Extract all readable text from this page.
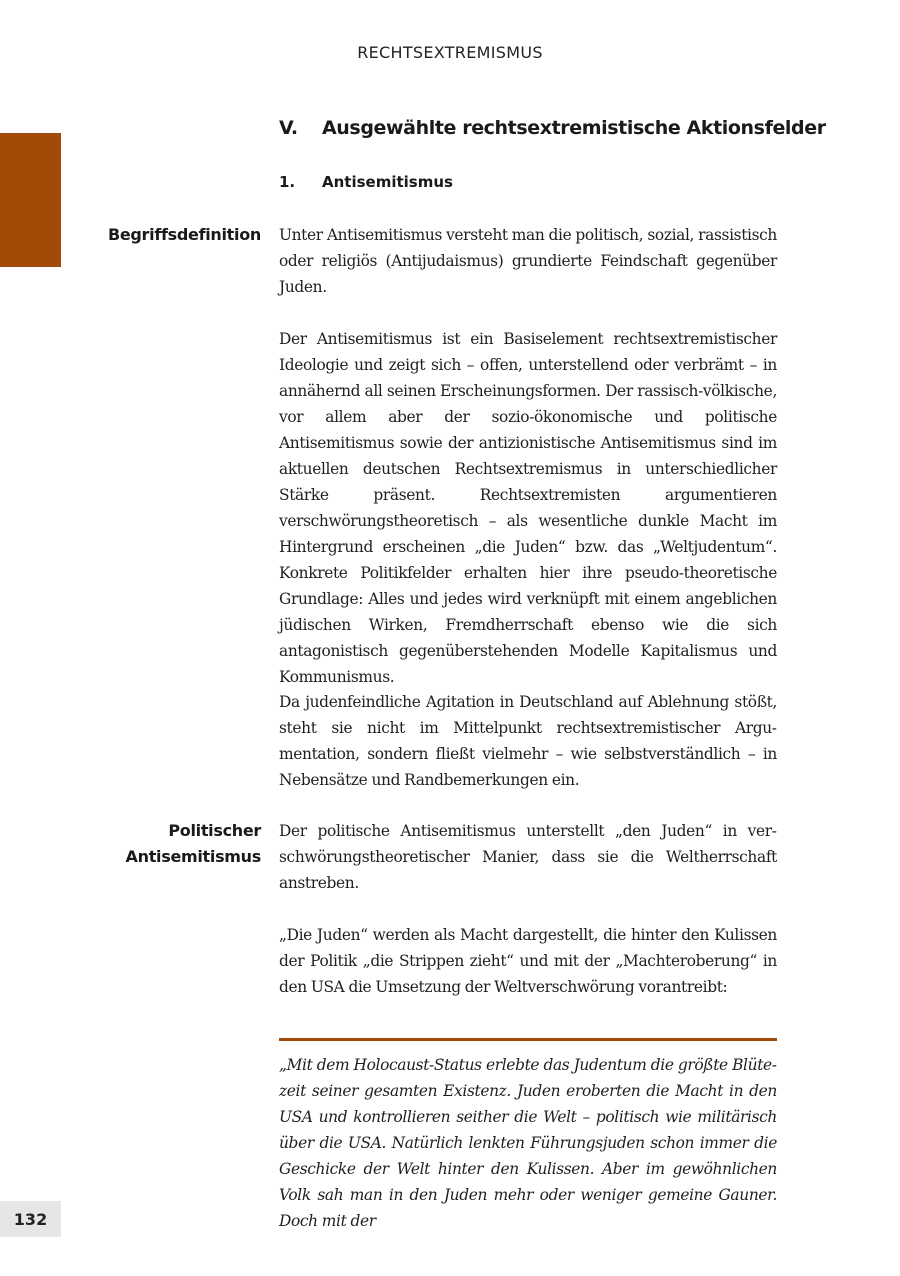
RECHTSEXTREMISMUS
V. Ausgewählte rechtsextremistische Aktionsfelder
1. Antisemitismus
Begriffsdefinition Unter Antisemitismus versteht man die politisch, sozial, rassistisch oder religiös (Antijudaismus) grundierte Feindschaft gegenüber Juden.

Der Antisemitismus ist ein Basiselement rechtsextremistischer Ideologie und zeigt sich – offen, unterstellend oder verbrämt – in annähernd all seinen Erscheinungsformen. Der rassisch-völkische, vor allem aber der sozio-ökonomische und politische Antisemitismus sowie der antizionistische Antisemitismus sind im aktuellen deutschen Rechtsextremismus in unterschiedlicher Stärke präsent. Rechtsextremisten argumentieren verschwörungstheoretisch – als wesentliche dunkle Macht im Hintergrund erscheinen „die Juden“ bzw. das „Weltjudentum“. Konkrete Politikfelder erhalten hier ihre pseudo-theoretische Grundlage: Alles und jedes wird verknüpft mit einem angeblichen jüdischen Wirken, Fremdherrschaft ebenso wie die sich antagonistisch gegenüberstehenden Modelle Kapitalismus und Kommunismus.

Da judenfeindliche Agitation in Deutschland auf Ablehnung stößt, steht sie nicht im Mittelpunkt rechtsextremistischer Argumentation, sondern fließt vielmehr – wie selbstverständlich – in Nebensätze und Randbemerkungen ein.

Politischer
Antisemitismus

Der politische Antisemitismus unterstellt „den Juden“ in verschwörungstheoretischer Manier, dass sie die Weltherrschaft anstreben.

„Die Juden“ werden als Macht dargestellt, die hinter den Kulissen der Politik „die Strippen zieht“ und mit der „Machteroberung“ in den USA die Umsetzung der Weltverschwörung vorantreibt:

„Mit dem Holocaust-Status erlebte das Judentum die größte Blütezeit seiner gesamten Existenz. Juden eroberten die Macht in den USA und kontrollieren seither die Welt – politisch wie militärisch über die USA. Natürlich lenkten Führungsjuden schon immer die Geschicke der Welt hinter den Kulissen. Aber im gewöhnlichen Volk sah man in den Juden mehr oder weniger gemeine Gauner. Doch mit der

132
